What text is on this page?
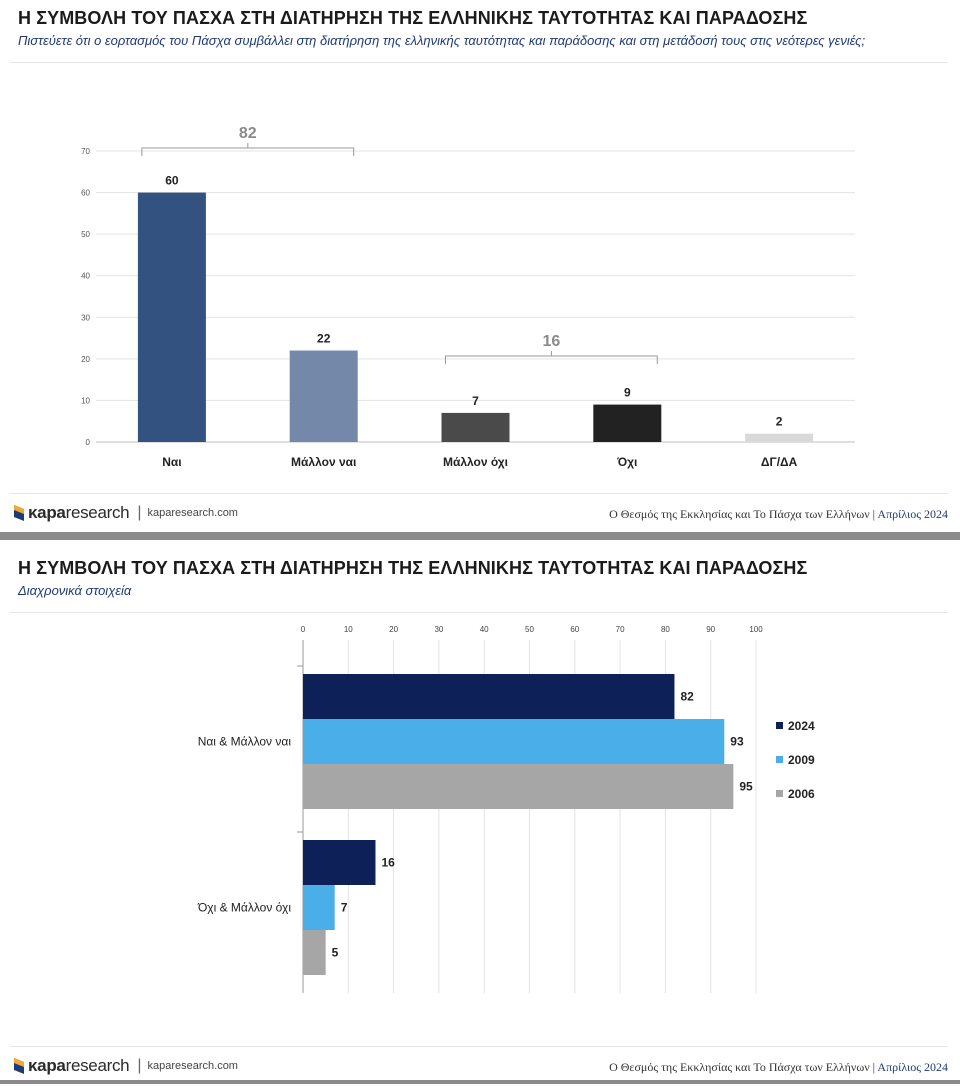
Η ΣΥΜΒΟΛΗ ΤΟΥ ΠΑΣΧΑ ΣΤΗ ΔΙΑΤΗΡΗΣΗ ΤΗΣ ΕΛΛΗΝΙΚΗΣ ΤΑΥΤΟΤΗΤΑΣ ΚΑΙ ΠΑΡΑΔΟΣΗΣ
Πιστεύετε ότι ο εορτασμός του Πάσχα συμβάλλει στη διατήρηση της ελληνικής ταυτότητας και παράδοσης και στη μετάδοσή τους στις νεότερες γενιές;
0
10
20
30
40
50
60
70
60
Ναι
22
Μάλλον ναι
7
Μάλλον όχι
9
Όχι
2
ΔΓ/ΔΑ
82
16
κaparesearch | kaparesearch.com	Ο Θεσμός της Εκκλησίας και Το Πάσχα των Ελλήνων | Απρίλιος 2024
Η ΣΥΜΒΟΛΗ ΤΟΥ ΠΑΣΧΑ ΣΤΗ ΔΙΑΤΗΡΗΣΗ ΤΗΣ ΕΛΛΗΝΙΚΗΣ ΤΑΥΤΟΤΗΤΑΣ ΚΑΙ ΠΑΡΑΔΟΣΗΣ
Διαχρονικά στοιχεία
0	10	20	30	40	50	60	70	80	90	100
82
93
95
Ναι & Μάλλον ναι
16
7
5
Όχι & Μάλλον όχι
2024
2009
2006
κaparesearch | kaparesearch.com	Ο Θεσμός της Εκκλησίας και Το Πάσχα των Ελλήνων | Απρίλιος 2024
